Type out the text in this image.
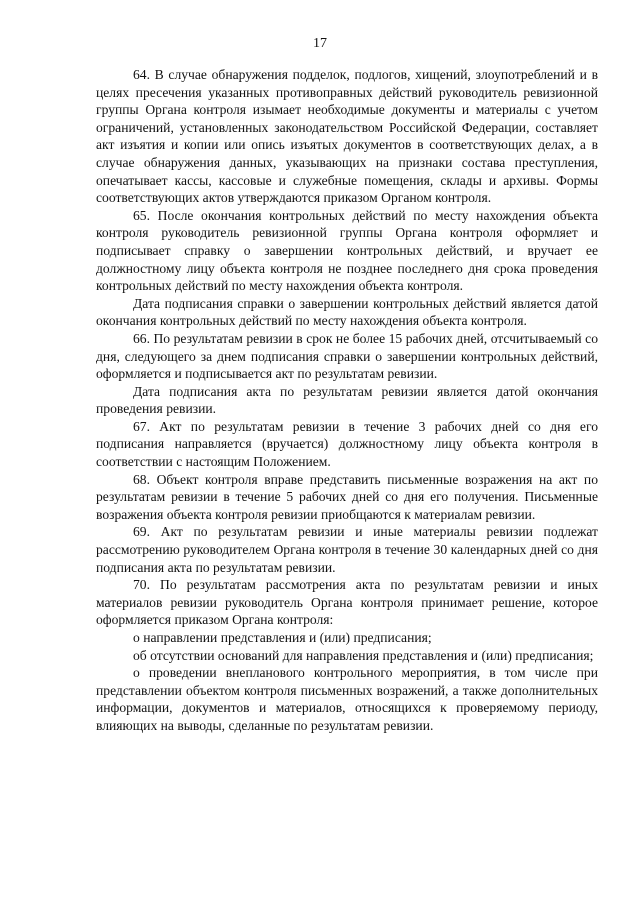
17

64. В случае обнаружения подделок, подлогов, хищений, злоупотреблений и в целях пресечения указанных противоправных действий руководитель ревизионной группы Органа контроля изымает необходимые документы и материалы с учетом ограничений, установленных законодательством Российской Федерации, составляет акт изъятия и копии или опись изъятых документов в соответствующих делах, а в случае обнаружения данных, указывающих на признаки состава преступления, опечатывает кассы, кассовые и служебные помещения, склады и архивы. Формы соответствующих актов утверждаются приказом Органом контроля.

65. После окончания контрольных действий по месту нахождения объекта контроля руководитель ревизионной группы Органа контроля оформляет и подписывает справку о завершении контрольных действий, и вручает ее должностному лицу объекта контроля не позднее последнего дня срока проведения контрольных действий по месту нахождения объекта контроля.

Дата подписания справки о завершении контрольных действий является датой окончания контрольных действий по месту нахождения объекта контроля.

66. По результатам ревизии в срок не более 15 рабочих дней, отсчитываемый со дня, следующего за днем подписания справки о завершении контрольных действий, оформляется и подписывается акт по результатам ревизии.

Дата подписания акта по результатам ревизии является датой окончания проведения ревизии.

67. Акт по результатам ревизии в течение 3 рабочих дней со дня его подписания направляется (вручается) должностному лицу объекта контроля в соответствии с настоящим Положением.

68. Объект контроля вправе представить письменные возражения на акт по результатам ревизии в течение 5 рабочих дней со дня его получения. Письменные возражения объекта контроля ревизии приобщаются к материалам ревизии.

69. Акт по результатам ревизии и иные материалы ревизии подлежат рассмотрению руководителем Органа контроля в течение 30 календарных дней со дня подписания акта по результатам ревизии.

70. По результатам рассмотрения акта по результатам ревизии и иных материалов ревизии руководитель Органа контроля принимает решение, которое оформляется приказом Органа контроля:

о направлении представления и (или) предписания;

об отсутствии оснований для направления представления и (или) предписания;

о проведении внепланового контрольного мероприятия, в том числе при представлении объектом контроля письменных возражений, а также дополнительных информации, документов и материалов, относящихся к проверяемому периоду, влияющих на выводы, сделанные по результатам ревизии.
